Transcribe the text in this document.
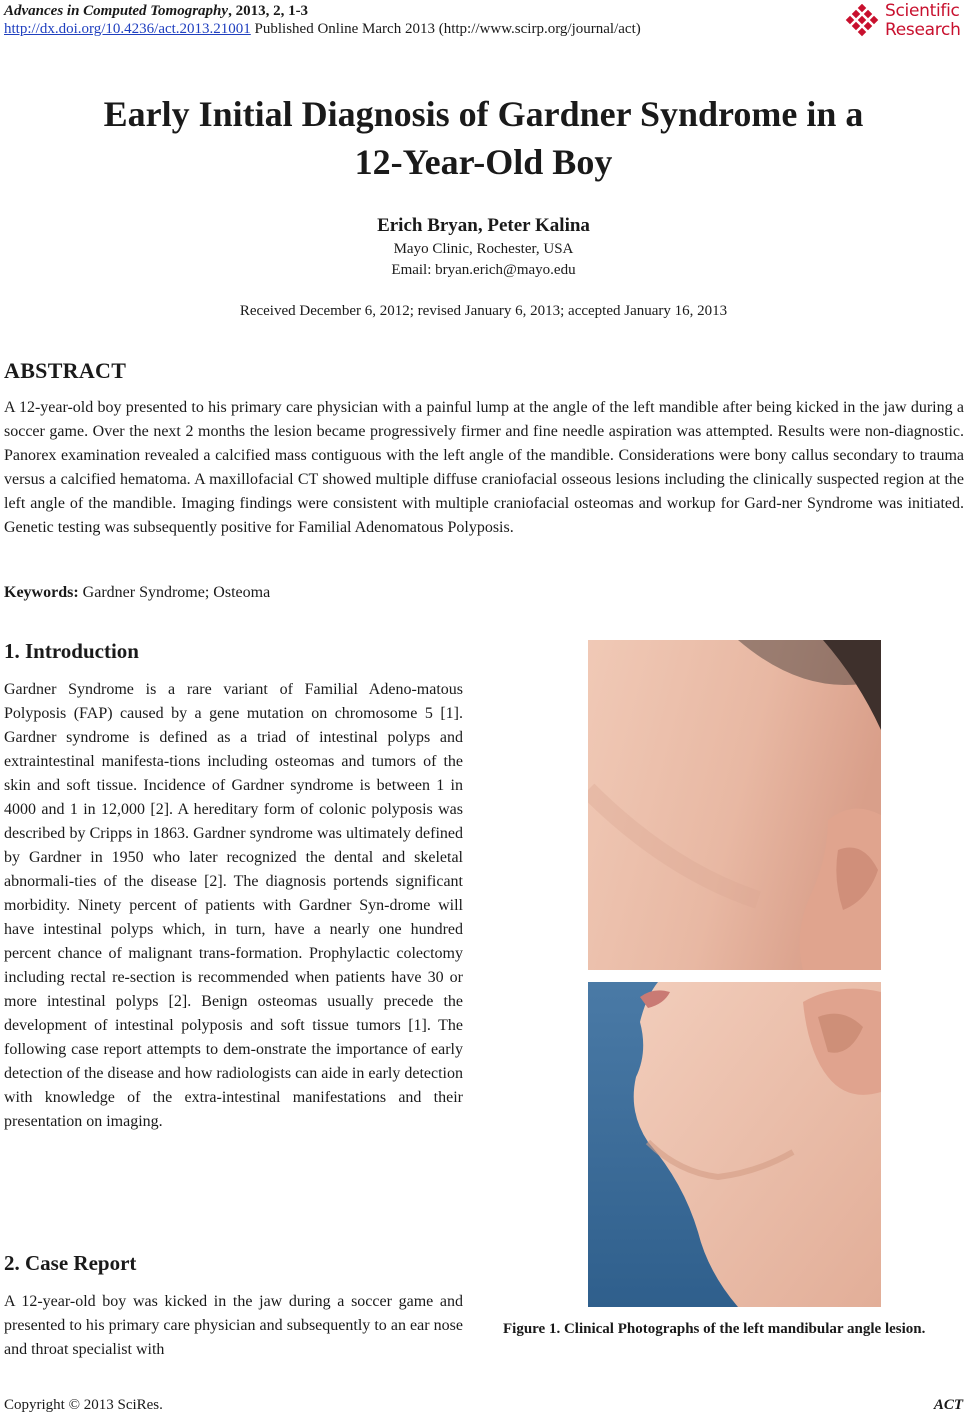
Advances in Computed Tomography, 2013, 2, 1-3
http://dx.doi.org/10.4236/act.2013.21001 Published Online March 2013 (http://www.scirp.org/journal/act)
Scientific
Research
Early Initial Diagnosis of Gardner Syndrome in a
12-Year-Old Boy
Erich Bryan, Peter Kalina
Mayo Clinic, Rochester, USA
Email: bryan.erich@mayo.edu
Received December 6, 2012; revised January 6, 2013; accepted January 16, 2013
ABSTRACT

A 12-year-old boy presented to his primary care physician with a painful lump at the angle of the left mandible after being kicked in the jaw during a soccer game. Over the next 2 months the lesion became progressively firmer and fine needle aspiration was attempted. Results were non-diagnostic. Panorex examination revealed a calcified mass contiguous with the left angle of the mandible. Considerations were bony callus secondary to trauma versus a calcified hematoma. A maxillofacial CT showed multiple diffuse craniofacial osseous lesions including the clinically suspected region at the left angle of the mandible. Imaging findings were consistent with multiple craniofacial osteomas and workup for Gard-ner Syndrome was initiated. Genetic testing was subsequently positive for Familial Adenomatous Polyposis.

Keywords: Gardner Syndrome; Osteoma
1. Introduction

Gardner Syndrome is a rare variant of Familial Adeno-matous Polyposis (FAP) caused by a gene mutation on chromosome 5 [1]. Gardner syndrome is defined as a triad of intestinal polyps and extraintestinal manifesta-tions including osteomas and tumors of the skin and soft tissue. Incidence of Gardner syndrome is between 1 in 4000 and 1 in 12,000 [2]. A hereditary form of colonic polyposis was described by Cripps in 1863. Gardner syndrome was ultimately defined by Gardner in 1950 who later recognized the dental and skeletal abnormali-ties of the disease [2]. The diagnosis portends significant morbidity. Ninety percent of patients with Gardner Syn-drome will have intestinal polyps which, in turn, have a nearly one hundred percent chance of malignant trans-formation. Prophylactic colectomy including rectal re-section is recommended when patients have 30 or more intestinal polyps [2]. Benign osteomas usually precede the development of intestinal polyposis and soft tissue tumors [1]. The following case report attempts to dem-onstrate the importance of early detection of the disease and how radiologists can aide in early detection with knowledge of the extra-intestinal manifestations and their presentation on imaging.

2. Case Report

A 12-year-old boy was kicked in the jaw during a soccer game and presented to his primary care physician and subsequently to an ear nose and throat specialist with

Figure 1. Clinical Photographs of the left mandibular angle lesion.
Copyright © 2013 SciRes.	ACT
